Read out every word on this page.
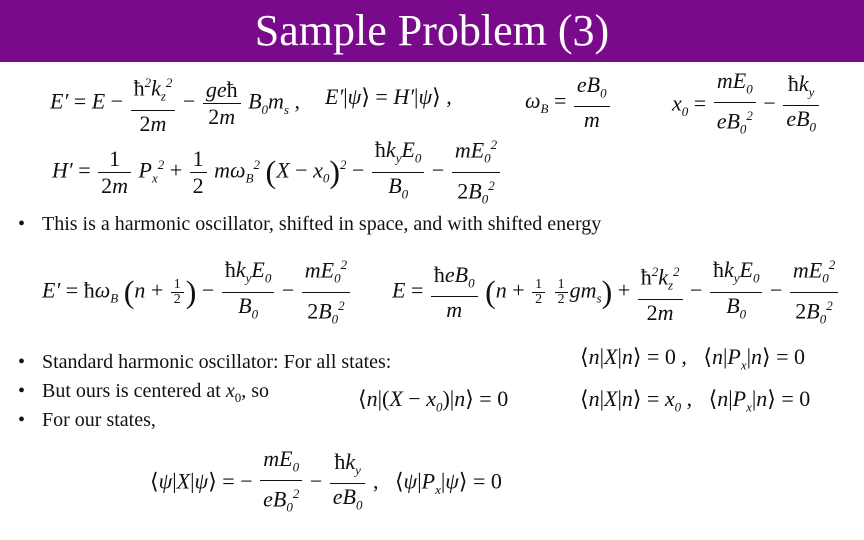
Sample Problem (3)
$E' = E - \frac{ħ^2k_z^2}{2m} - \frac{\text{geħ}}{2m} B_0m_s$ , E′|ψ⟩ = H′|ψ⟩ ,	$\omega_B = \frac{eB_0}{m}$	$x_0 = \frac{mE_0}{eB_0^2} - \frac{ħk_y}{eB_0}$
$H' = \frac{1}{2m} P_x^2 + \frac{1}{2} m\omega_B^2$ $(X - x_0)^2 - \frac{ħk_yE_0}{B_0} - \frac{mE_0^2}{2B_0^2}$
• This is a harmonic oscillator, shifted in space, and with shifted energy
$E' = ħ\omega_B$ ($n + \frac{1}{2}$ ) − $\frac{ħk_yE_0}{B_0} - \frac{mE_0^2}{2B_0^2}$ $E = \frac{ħeB_0}{m} (n + \frac{1}{2}$
$\frac{1}{2} gm_s) + \frac{ħ^2k_z^2}{2m} - \frac{ħk_yE_0}{B_0} - \frac{mE_0^2}{2B_0^2}$
• Standard harmonic oscillator: For all states:
• But ours is centered at $x_0$, so
• For our states,
⟨n|X|n⟩ = 0 , $⟨n|P_x|n⟩ = 0$
⟨n|(X − $x_0)|n⟩ = 0$	⟨n|X|n⟩ = $x_0$ , $⟨n|P_x|n⟩ = 0$
⟨ψ|X|ψ⟩ = − $\frac{mE_0}{eB_0^2} - \frac{ħk_y}{eB_0}$ , $⟨\psi|P_x|\psi⟩ = 0$
